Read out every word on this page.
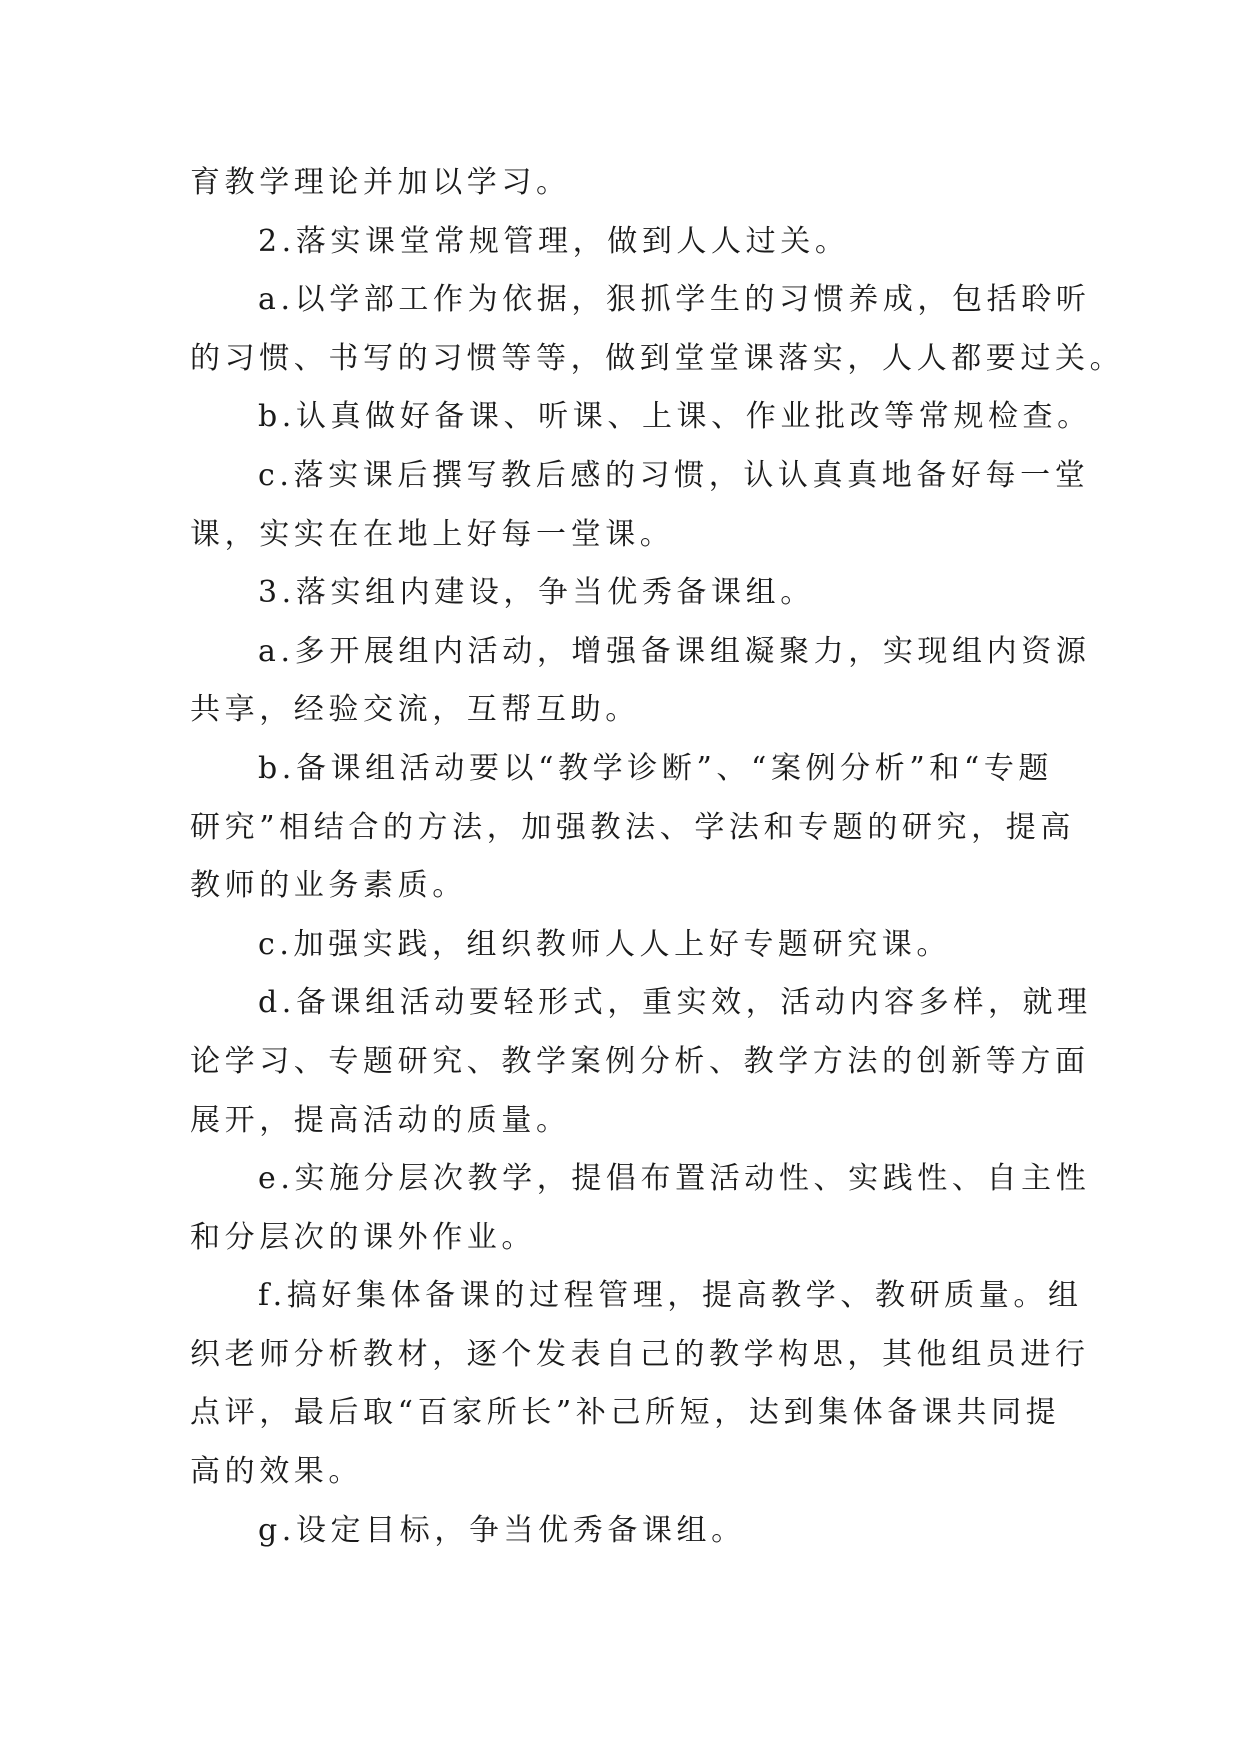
育教学理论并加以学习。
2.落实课堂常规管理，做到人人过关。
a.以学部工作为依据，狠抓学生的习惯养成，包括聆听
的习惯、书写的习惯等等，做到堂堂课落实，人人都要过关。
b.认真做好备课、听课、上课、作业批改等常规检查。
c.落实课后撰写教后感的习惯，认认真真地备好每一堂
课，实实在在地上好每一堂课。
3.落实组内建设，争当优秀备课组。
a.多开展组内活动，增强备课组凝聚力，实现组内资源
共享，经验交流，互帮互助。
b.备课组活动要以“教学诊断”、“案例分析”和“专题
研究”相结合的方法，加强教法、学法和专题的研究，提高
教师的业务素质。
c.加强实践，组织教师人人上好专题研究课。
d.备课组活动要轻形式，重实效，活动内容多样，就理
论学习、专题研究、教学案例分析、教学方法的创新等方面
展开，提高活动的质量。
e.实施分层次教学，提倡布置活动性、实践性、自主性
和分层次的课外作业。
f.搞好集体备课的过程管理，提高教学、教研质量。组
织老师分析教材，逐个发表自己的教学构思，其他组员进行
点评，最后取“百家所长”补己所短，达到集体备课共同提
高的效果。
g.设定目标，争当优秀备课组。
